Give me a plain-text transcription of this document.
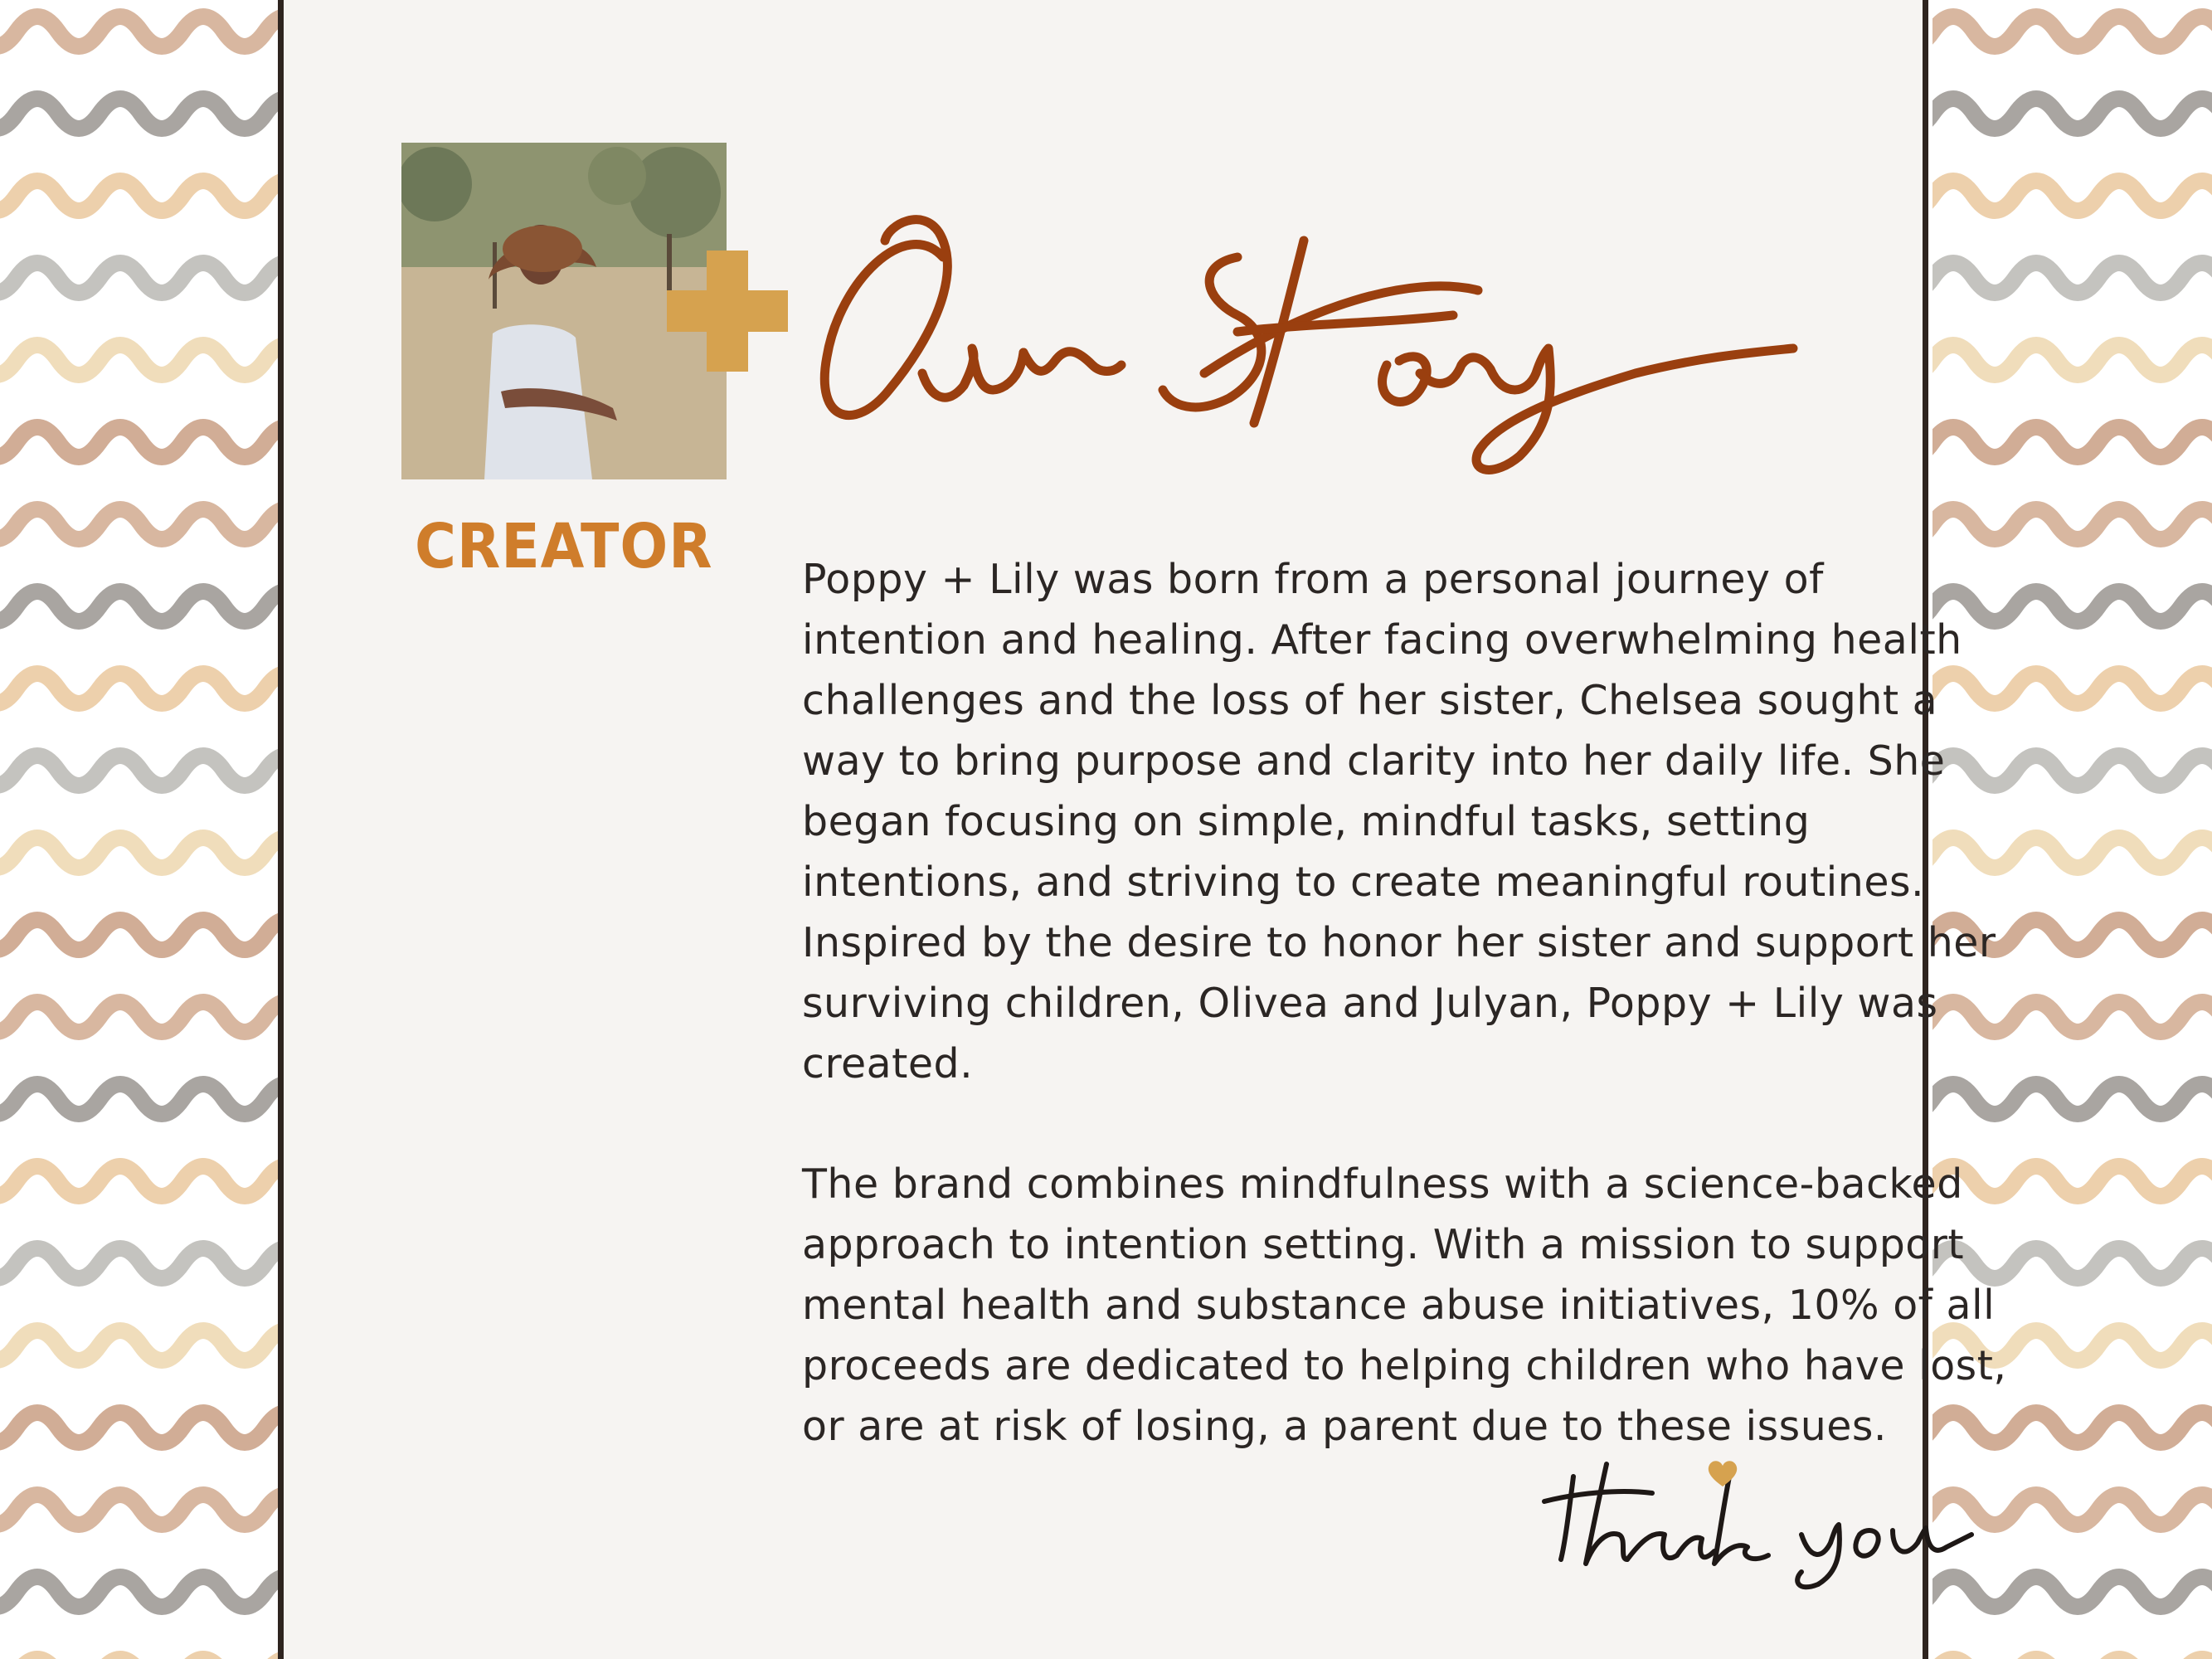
Poppy + Lily was born from a personal journey of intention and healing. After facing overwhelming health challenges and the loss of her sister, Chelsea sought a way to bring purpose and clarity into her daily life. She began focusing on simple, mindful tasks, setting intentions, and striving to create meaningful routines. Inspired by the desire to honor her sister and support her surviving children, Olivea and Julyan, Poppy + Lily was created.

The brand combines mindfulness with a science-backed approach to intention setting. With a mission to support mental health and substance abuse initiatives, 10% of all proceeds are dedicated to helping children who have lost, or are at risk of losing, a parent due to these issues.

CREATOR
